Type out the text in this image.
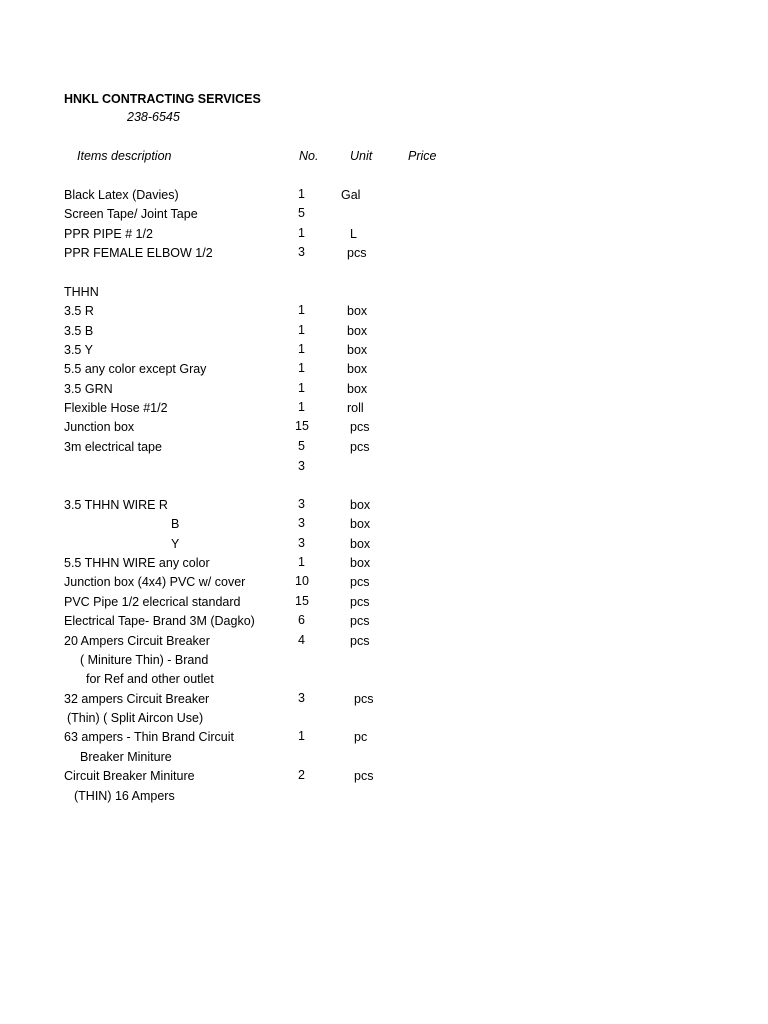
HNKL CONTRACTING SERVICES
238-6545
Items description	No.	Unit	Price
Black Latex (Davies)	1	Gal
Screen Tape/ Joint Tape	5
PPR PIPE # 1/2	1	L
PPR FEMALE ELBOW 1/2	3	pcs
THHN
3.5 R	1	box
3.5 B	1	box
3.5 Y	1	box
5.5 any color except Gray	1	box
3.5 GRN	1	box
Flexible Hose #1/2	1	roll
Junction box	15	pcs
3m electrical tape	5	pcs
3
3.5 THHN WIRE R	3	box
B	3	box
Y	3	box
5.5 THHN WIRE any color	1	box
Junction box (4x4) PVC w/ cover	10	pcs
PVC Pipe 1/2 elecrical standard	15	pcs
Electrical Tape- Brand 3M (Dagko)	6	pcs
20 Ampers Circuit Breaker	4	pcs
( Miniture Thin) - Brand
for Ref and other outlet
32 ampers Circuit Breaker	3	pcs
(Thin) ( Split Aircon Use)
63 ampers - Thin Brand Circuit	1	pc
Breaker Miniture
Circuit Breaker Miniture	2	pcs
(THIN) 16 Ampers
